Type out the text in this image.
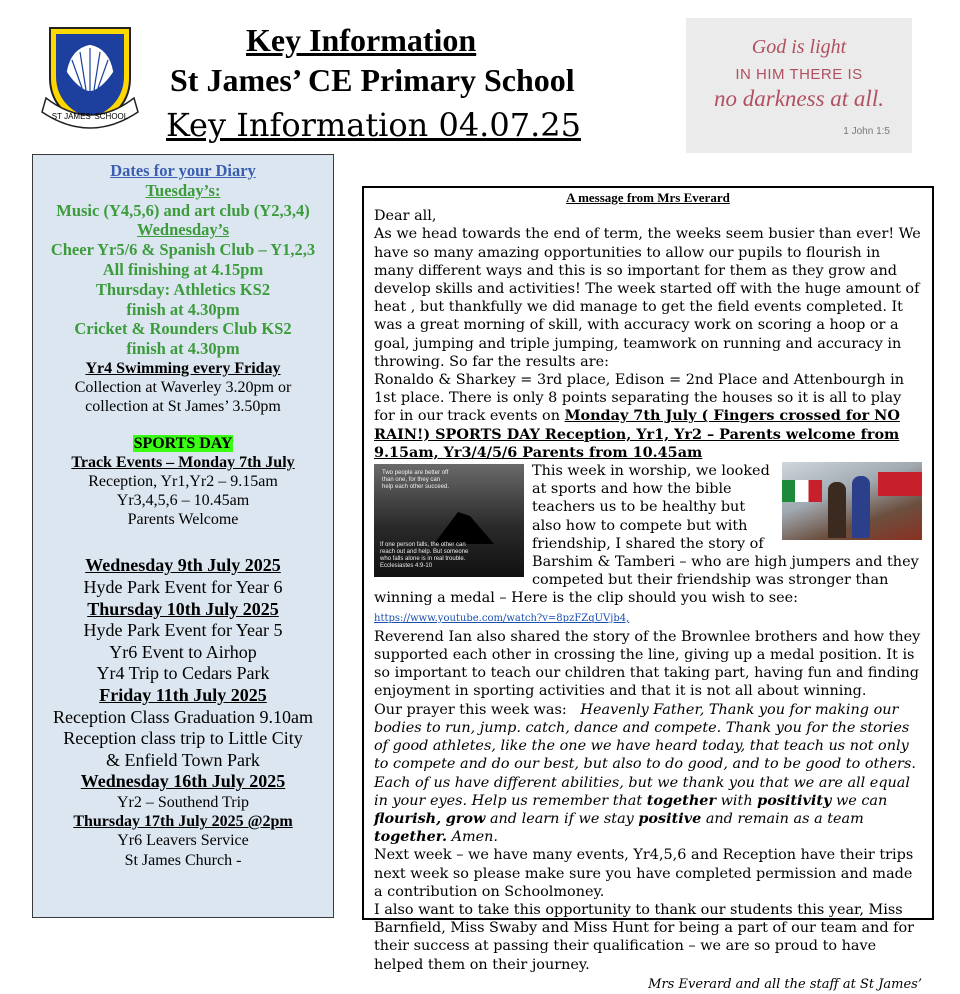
ST JAMES’ SCHOOL
Key Information
St James’ CE Primary School
Key Information 04.07.25
God is light
IN HIM THERE IS
no darkness at all.
1 John 1:5
Dates for your Diary
Tuesday’s:
Music (Y4,5,6) and art club (Y2,3,4)
Wednesday’s
Cheer Yr5/6 & Spanish Club – Y1,2,3
All finishing at 4.15pm
Thursday: Athletics KS2
finish at 4.30pm
Cricket & Rounders Club KS2
finish at 4.30pm
Yr4 Swimming every Friday
Collection at Waverley 3.20pm or
collection at St James’ 3.50pm
SPORTS DAY
Track Events – Monday 7th July
Reception, Yr1,Yr2 – 9.15am
Yr3,4,5,6 – 10.45am
Parents Welcome
Wednesday 9th July 2025
Hyde Park Event for Year 6
Thursday 10th July 2025
Hyde Park Event for Year 5
Yr6 Event to Airhop
Yr4 Trip to Cedars Park
Friday 11th July 2025
Reception Class Graduation 9.10am
Reception class trip to Little City
& Enfield Town Park
Wednesday 16th July 2025
Yr2 – Southend Trip
Thursday 17th July 2025 @2pm
Yr6 Leavers Service
St James Church -
A message from Mrs Everard

Dear all,

As we head towards the end of term, the weeks seem busier than ever! We have so many amazing opportunities to allow our pupils to flourish in many different ways and this is so important for them as they grow and develop skills and activities! The week started off with the huge amount of heat , but thankfully we did manage to get the field events completed. It was a great morning of skill, with accuracy work on scoring a hoop or a goal, jumping and triple jumping, teamwork on running and accuracy in throwing. So far the results are:

Ronaldo & Sharkey = 3rd place, Edison = 2nd Place and Attenbourgh in 1st place. There is only 8 points separating the houses so it is all to play for in our track events on Monday 7th July ( Fingers crossed for NO RAIN!) SPORTS DAY Reception, Yr1, Yr2 – Parents welcome from 9.15am, Yr3/4/5/6 Parents from 10.45am

Two people are better off than one, for they can help each other succeed.
If one person falls, the other can reach out and help. But someone who falls alone is in real trouble. Ecclesiastes 4:9-10

This week in worship, we looked at sports and how the bible teachers us to be healthy but also how to compete but with friendship, I shared the story of Barshim & Tamberi – who are high jumpers and they competed but their friendship was stronger than winning a medal – Here is the clip should you wish to see: https://www.youtube.com/watch?v=8pzFZqUVjb4,

Reverend Ian also shared the story of the Brownlee brothers and how they supported each other in crossing the line, giving up a medal position. It is so important to teach our children that taking part, having fun and finding enjoyment in sporting activities and that it is not all about winning.

Our prayer this week was: Heavenly Father, Thank you for making our bodies to run, jump. catch, dance and compete. Thank you for the stories of good athletes, like the one we have heard today, that teach us not only to compete and do our best, but also to do good, and to be good to others. Each of us have different abilities, but we thank you that we are all equal in your eyes. Help us remember that together with positivity we can flourish, grow and learn if we stay positive and remain as a team together. Amen.

Next week – we have many events, Yr4,5,6 and Reception have their trips next week so please make sure you have completed permission and made a contribution on Schoolmoney.

I also want to take this opportunity to thank our students this year, Miss Barnfield, Miss Swaby and Miss Hunt for being a part of our team and for their success at passing their qualification – we are so proud to have helped them on their journey.

Mrs Everard and all the staff at St James’
